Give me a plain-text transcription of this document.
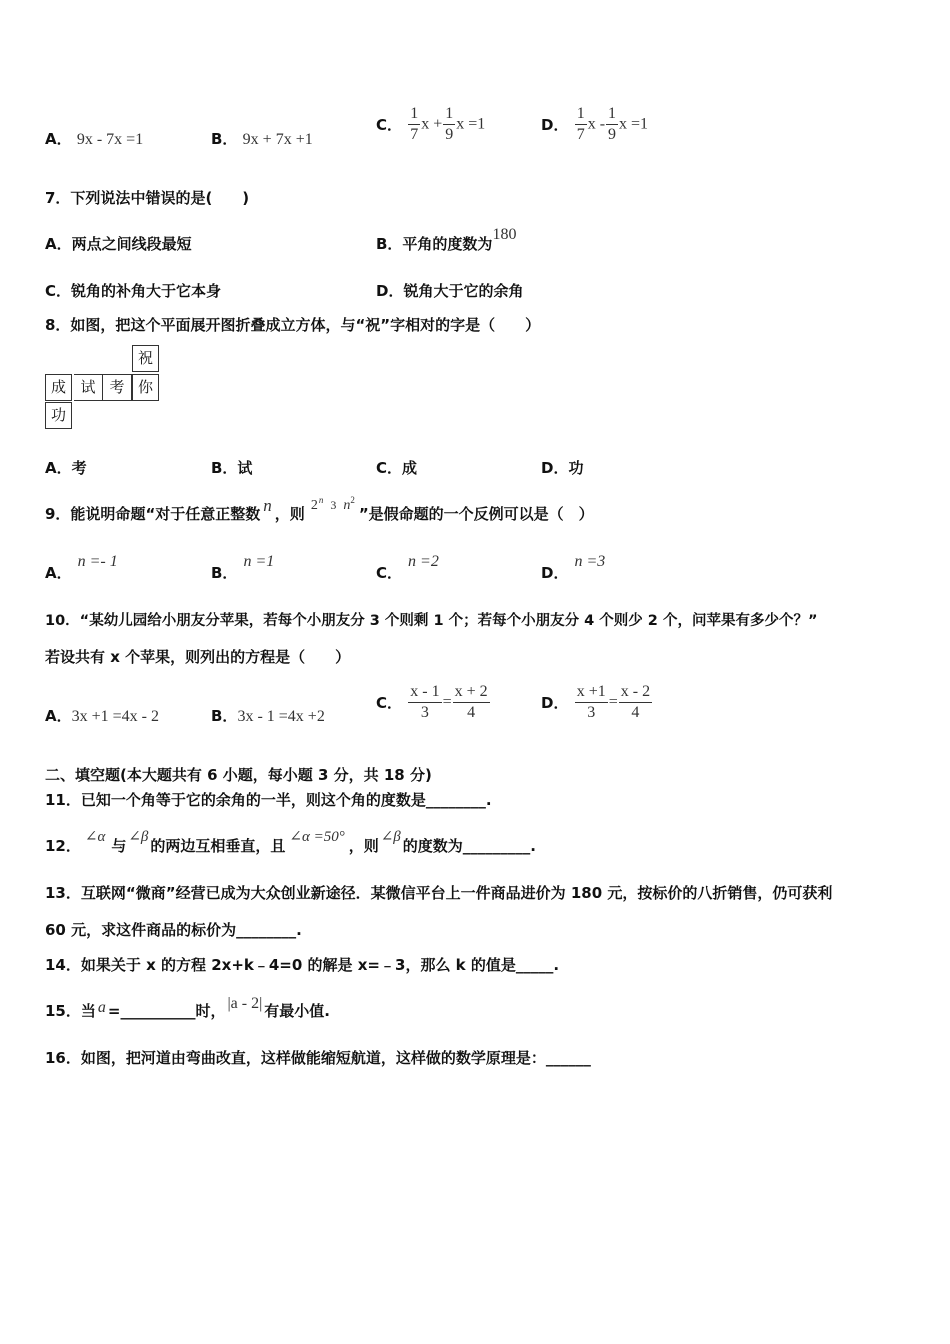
A． 9x - 7x =1	B． 9x + 7x +1
C． $\frac{1}{7}$ $x + \frac{1}{9}$ x =1	D． $\frac{1}{7}$ x - $\frac{1}{9}$ x =1
7．下列说法中错误的是(　　)
A．两点之间线段最短	B．平角的度数为180
C．锐角的补角大于它本身	D．锐角大于它的余角
8．如图，把这个平面展开图折叠成立方体，与“祝”字相对的字是（　　）
祝
成 试 考 你
功
A．考	B．试	C．成	D．功
9．能说明命题“对于任意正整数 n ，则 2$^n$ 3 $n^2$”是假命题的一个反例可以是（　）
A．n =- 1
B．n =1
C．n =2
D．n =3
10．“某幼儿园给小朋友分苹果，若每个小朋友分 3 个则剩 1 个；若每个小朋友分 4 个则少 2 个，问苹果有多少个？”
若设共有 x 个苹果，则列出的方程是（　　）
A．3x +1 =4x - 2	B．3x - 1 =4x +2
C． $\frac{x - 1}{3} = \frac{x + 2}{4}$	D． $\frac{x +1}{3} = \frac{x - 2}{4}$
二、填空题(本大题共有 6 小题，每小题 3 分，共 18 分)
11．已知一个角等于它的余角的一半，则这个角的度数是________.
12． ∠α 与 ∠β 的两边互相垂直，且 ∠α =50° ，则 ∠β 的度数为_________.
13．互联网“微商”经营已成为大众创业新途径．某微信平台上一件商品进价为 180 元，按标价的八折销售，仍可获利
60 元，求这件商品的标价为________.
14．如果关于 x 的方程 2x+k﹣4=0 的解是 x=﹣3，那么 k 的值是_____.
15．当 a =__________时， |a - 2| 有最小值.
16．如图，把河道由弯曲改直，这样做能缩短航道，这样做的数学原理是：______
